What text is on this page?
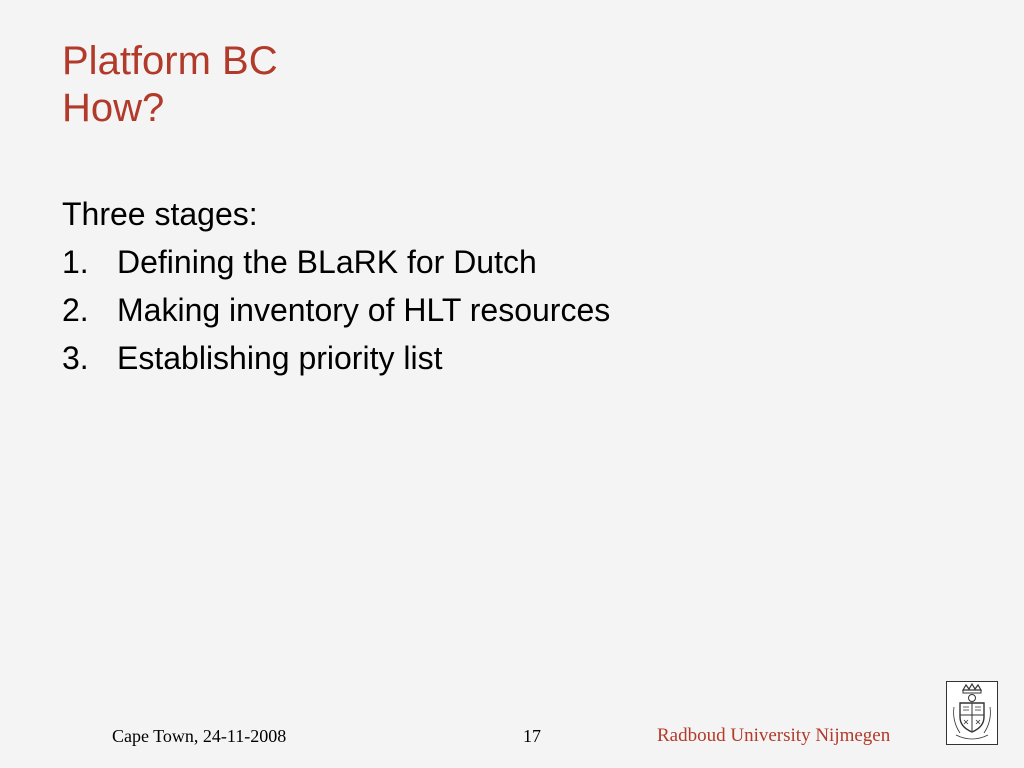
Platform BC
How?
Three stages:
1. Defining the BLaRK for Dutch
2. Making inventory of HLT resources
3. Establishing priority list
Cape Town, 24-11-2008	17	Radboud University Nijmegen
